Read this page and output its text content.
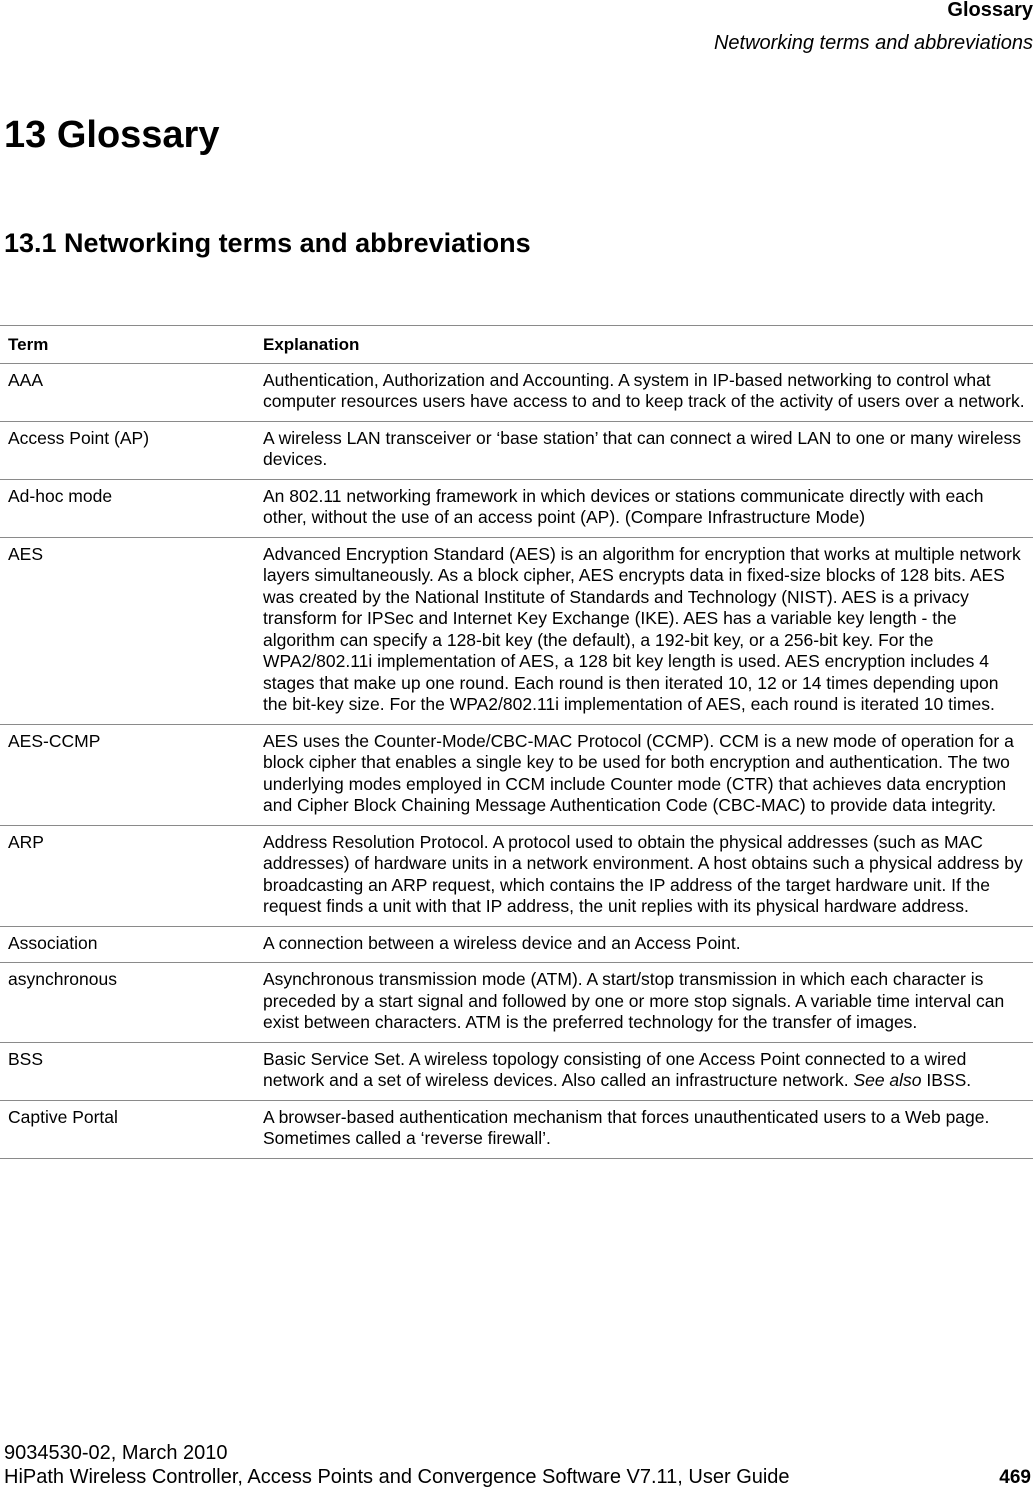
Glossary
Networking terms and abbreviations
13 Glossary
13.1 Networking terms and abbreviations
Term	Explanation
AAA	Authentication, Authorization and Accounting. A system in IP-based networking to control what computer resources users have access to and to keep track of the activity of users over a network.
Access Point (AP)	A wireless LAN transceiver or ‘base station’ that can connect a wired LAN to one or many wireless devices.
Ad-hoc mode	An 802.11 networking framework in which devices or stations communicate directly with each other, without the use of an access point (AP). (Compare Infrastructure Mode)
AES	Advanced Encryption Standard (AES) is an algorithm for encryption that works at multiple network layers simultaneously. As a block cipher, AES encrypts data in fixed-size blocks of 128 bits. AES was created by the National Institute of Standards and Technology (NIST). AES is a privacy transform for IPSec and Internet Key Exchange (IKE). AES has a variable key length - the algorithm can specify a 128-bit key (the default), a 192-bit key, or a 256-bit key. For the WPA2/802.11i implementation of AES, a 128 bit key length is used. AES encryption includes 4 stages that make up one round. Each round is then iterated 10, 12 or 14 times depending upon the bit-key size. For the WPA2/802.11i implementation of AES, each round is iterated 10 times.
AES-CCMP	AES uses the Counter-Mode/CBC-MAC Protocol (CCMP). CCM is a new mode of operation for a block cipher that enables a single key to be used for both encryption and authentication. The two underlying modes employed in CCM include Counter mode (CTR) that achieves data encryption and Cipher Block Chaining Message Authentication Code (CBC-MAC) to provide data integrity.
ARP	Address Resolution Protocol. A protocol used to obtain the physical addresses (such as MAC addresses) of hardware units in a network environment. A host obtains such a physical address by broadcasting an ARP request, which contains the IP address of the target hardware unit. If the request finds a unit with that IP address, the unit replies with its physical hardware address.
Association	A connection between a wireless device and an Access Point.
asynchronous	Asynchronous transmission mode (ATM). A start/stop transmission in which each character is preceded by a start signal and followed by one or more stop signals. A variable time interval can exist between characters. ATM is the preferred technology for the transfer of images.
BSS	Basic Service Set. A wireless topology consisting of one Access Point connected to a wired network and a set of wireless devices. Also called an infrastructure network. See also IBSS.
Captive Portal	A browser-based authentication mechanism that forces unauthenticated users to a Web page. Sometimes called a ‘reverse firewall’.
9034530-02, March 2010
HiPath Wireless Controller, Access Points and Convergence Software V7.11, User Guide	469
